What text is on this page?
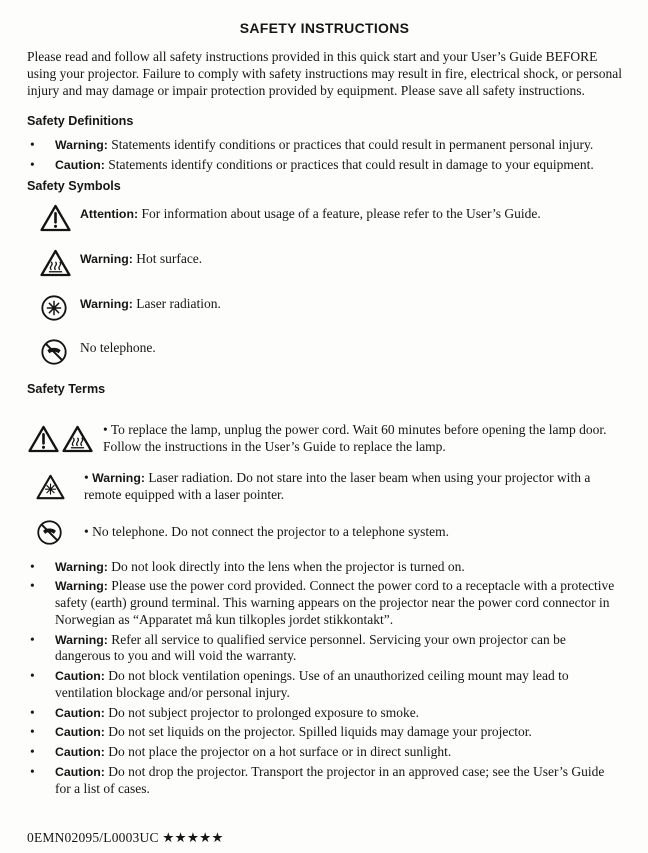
SAFETY INSTRUCTIONS

Please read and follow all safety instructions provided in this quick start and your User’s Guide BEFORE using your projector. Failure to comply with safety instructions may result in fire, electrical shock, or personal injury and may damage or impair protection provided by equipment. Please save all safety instructions.

Safety Definitions
•	Warning: Statements identify conditions or practices that could result in permanent personal injury.
•	Caution: Statements identify conditions or practices that could result in damage to your equipment.
Safety Symbols
Attention: For information about usage of a feature, please refer to the User’s Guide.
Warning: Hot surface.
Warning: Laser radiation.
No telephone.
Safety Terms
• To replace the lamp, unplug the power cord. Wait 60 minutes before opening the lamp door. Follow the instructions in the User’s Guide to replace the lamp.
• Warning: Laser radiation. Do not stare into the laser beam when using your projector with a remote equipped with a laser pointer.
• No telephone. Do not connect the projector to a telephone system.
•	Warning: Do not look directly into the lens when the projector is turned on.
•	Warning: Please use the power cord provided. Connect the power cord to a receptacle with a protective safety (earth) ground terminal. This warning appears on the projector near the power cord connector in Norwegian as “Apparatet må kun tilkoples jordet stikkontakt”.
•	Warning: Refer all service to qualified service personnel. Servicing your own projector can be dangerous to you and will void the warranty.
•	Caution: Do not block ventilation openings. Use of an unauthorized ceiling mount may lead to ventilation blockage and/or personal injury.
•	Caution: Do not subject projector to prolonged exposure to smoke.
•	Caution: Do not set liquids on the projector. Spilled liquids may damage your projector.
•	Caution: Do not place the projector on a hot surface or in direct sunlight.
•	Caution: Do not drop the projector. Transport the projector in an approved case; see the User’s Guide for a list of cases.
0EMN02095/L0003UC ★★★★★
